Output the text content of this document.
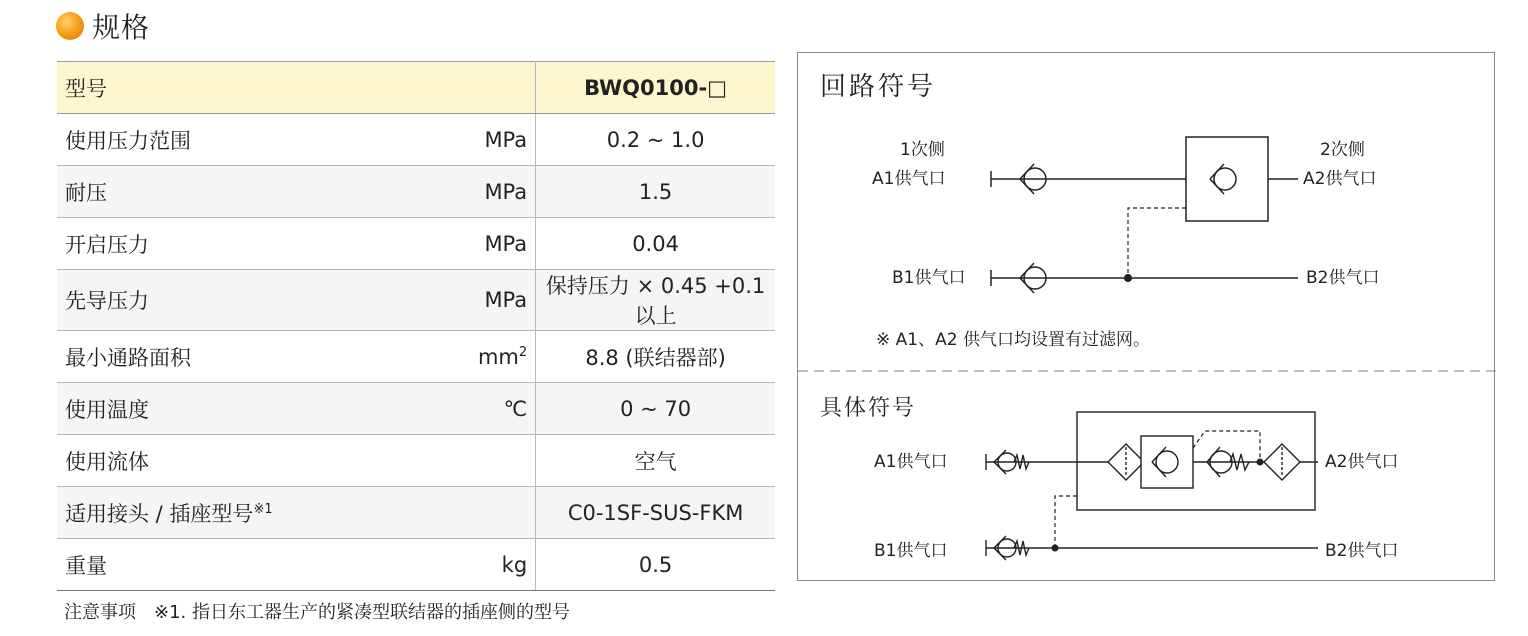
规格
型号		BWQ0100-□
使用压力范围	MPa	0.2 ~ 1.0
耐压	MPa	1.5
开启压力	MPa	0.04
先导压力	MPa	保持压力 × 0.45 +0.1 以上
最小通路面积	$mm^2$	8.8 (联结器部)
使用温度	℃	0 ~ 70
使用流体		空气
适用接头 / 插座型号$^{※1}$		C0-1SF-SUS-FKM
重量	kg	0.5
注意事项　※1. 指日东工器生产的紧凑型联结器的插座侧的型号
回路符号
1次侧	2次侧
A1供气口	A2供气口
B1供气口	B2供气口
※ A1、A2 供气口均设置有过滤网。
具体符号
A1供气口	A2供气口
B1供气口	B2供气口
